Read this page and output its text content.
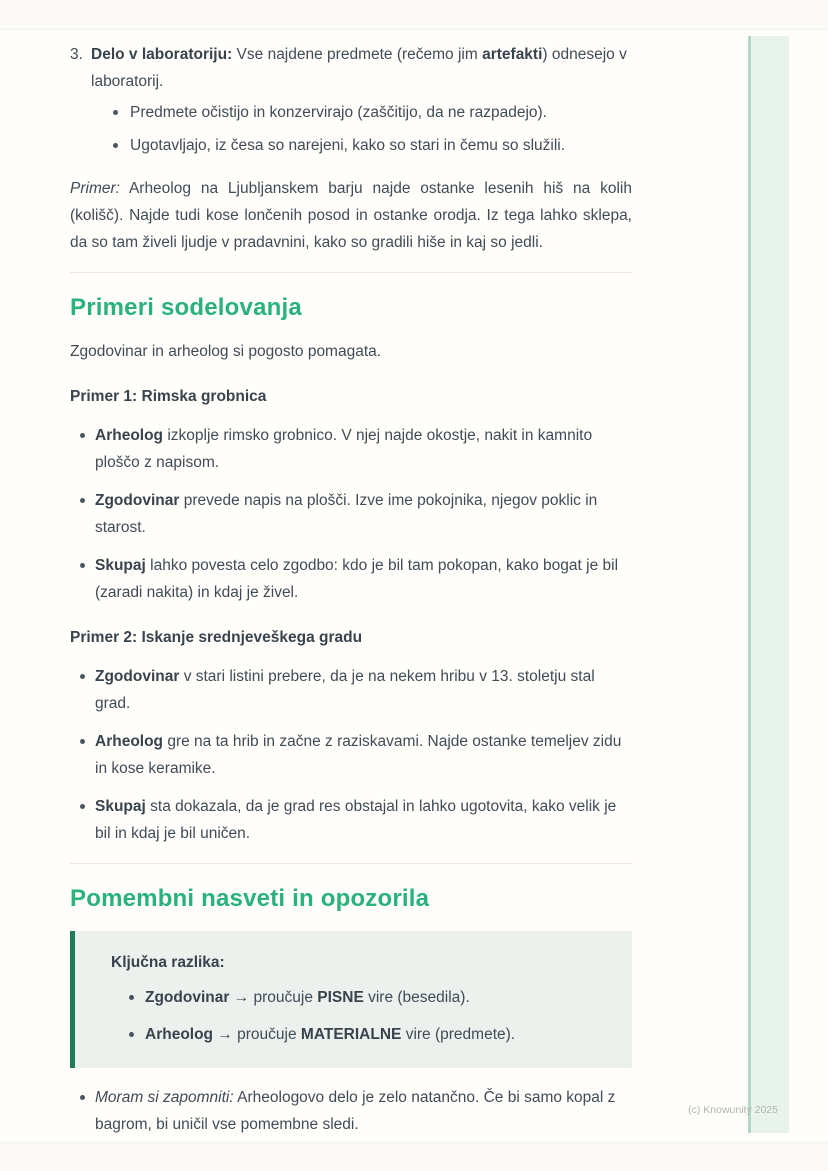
3. Delo v laboratoriju: Vse najdene predmete (rečemo jim artefakti) odnesejo v laboratorij.

Predmete očistijo in konzervirajo (zaščitijo, da ne razpadejo).
Ugotavljajo, iz česa so narejeni, kako so stari in čemu so služili.

Primer: Arheolog na Ljubljanskem barju najde ostanke lesenih hiš na kolih (kolišč). Najde tudi kose lončenih posod in ostanke orodja. Iz tega lahko sklepa, da so tam živeli ljudje v pradavnini, kako so gradili hiše in kaj so jedli.

Primeri sodelovanja

Zgodovinar in arheolog si pogosto pomagata.

Primer 1: Rimska grobnica

Arheolog izkoplje rimsko grobnico. V njej najde okostje, nakit in kamnito ploščo z napisom.
Zgodovinar prevede napis na plošči. Izve ime pokojnika, njegov poklic in starost.
Skupaj lahko povesta celo zgodbo: kdo je bil tam pokopan, kako bogat je bil (zaradi nakita) in kdaj je živel.

Primer 2: Iskanje srednjeveškega gradu

Zgodovinar v stari listini prebere, da je na nekem hribu v 13. stoletju stal grad.
Arheolog gre na ta hrib in začne z raziskavami. Najde ostanke temeljev zidu in kose keramike.
Skupaj sta dokazala, da je grad res obstajal in lahko ugotovita, kako velik je bil in kdaj je bil uničen.
Pomembni nasveti in opozorila

Ključna razlika:

Zgodovinar → proučuje PISNE vire (besedila).
Arheolog → proučuje MATERIALNE vire (predmete).
Moram si zapomniti: Arheologovo delo je zelo natančno. Če bi samo kopal z bagrom, bi uničil vse pomembne sledi.
(c) Knowunity 2025
